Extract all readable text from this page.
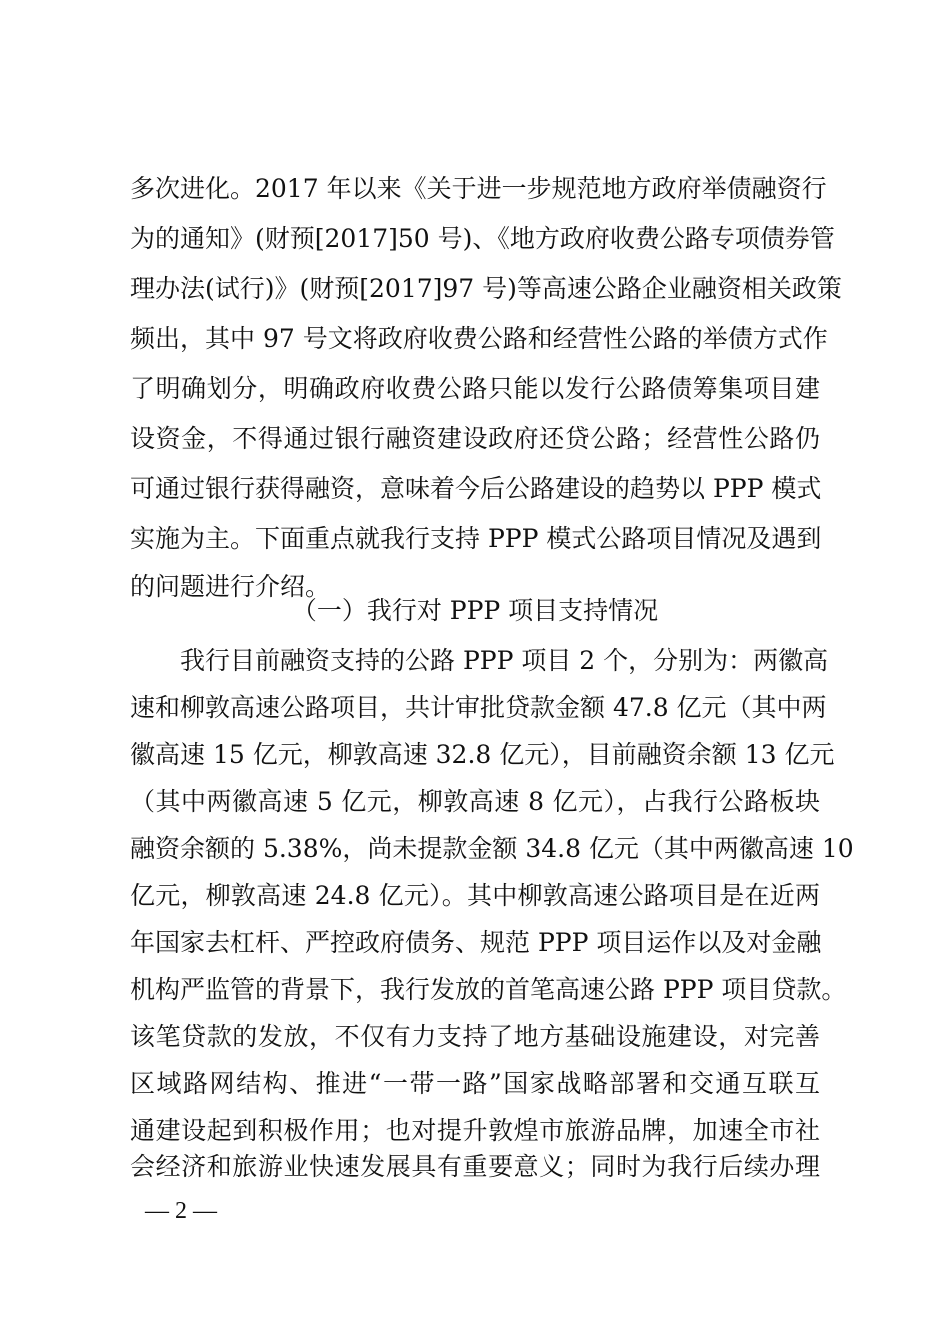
多次进化。2017 年以来《关于进一步规范地方政府举债融资行
为的通知》(财预[2017]50 号)、《地方政府收费公路专项债券管
理办法(试行)》(财预[2017]97 号)等高速公路企业融资相关政策
频出，其中 97 号文将政府收费公路和经营性公路的举债方式作
了明确划分，明确政府收费公路只能以发行公路债筹集项目建
设资金，不得通过银行融资建设政府还贷公路；经营性公路仍
可通过银行获得融资，意味着今后公路建设的趋势以 PPP 模式
实施为主。下面重点就我行支持 PPP 模式公路项目情况及遇到
的问题进行介绍。
（一）我行对 PPP 项目支持情况
我行目前融资支持的公路 PPP 项目 2 个，分别为：两徽高
速和柳敦高速公路项目，共计审批贷款金额 47.8 亿元（其中两
徽高速 15 亿元，柳敦高速 32.8 亿元），目前融资余额 13 亿元
（其中两徽高速 5 亿元，柳敦高速 8 亿元），占我行公路板块
融资余额的 5.38%，尚未提款金额 34.8 亿元（其中两徽高速 10
亿元，柳敦高速 24.8 亿元）。其中柳敦高速公路项目是在近两
年国家去杠杆、严控政府债务、规范 PPP 项目运作以及对金融
机构严监管的背景下，我行发放的首笔高速公路 PPP 项目贷款。
该笔贷款的发放，不仅有力支持了地方基础设施建设，对完善
区域路网结构、推进“一带一路”国家战略部署和交通互联互
通建设起到积极作用；也对提升敦煌市旅游品牌，加速全市社
会经济和旅游业快速发展具有重要意义；同时为我行后续办理
— 2 —
